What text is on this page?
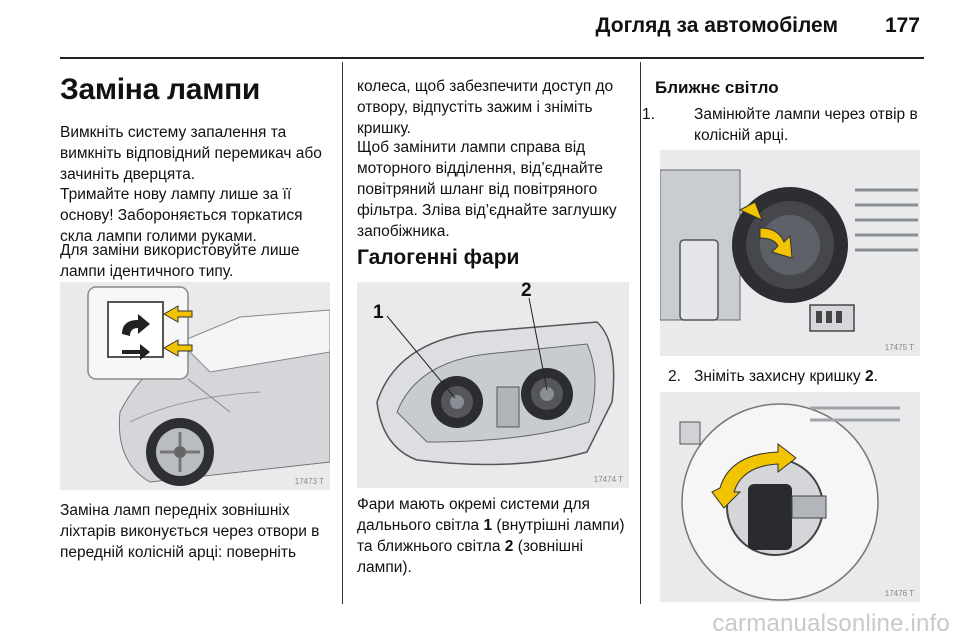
Догляд за автомобілем 177
Заміна лампи

Вимкніть систему запалення та вимкніть відповідний перемикач або зачиніть дверцята.

Тримайте нову лампу лише за її основу! Забороняється торкатися скла лампи голими руками.

Для заміни використовуйте лише лампи ідентичного типу.

17473 T

Заміна ламп передніх зовнішніх ліхтарів виконується через отвори в передній колісній арці: поверніть

колеса, щоб забезпечити доступ до отвору, відпустіть зажим і зніміть кришку.

Щоб замінити лампи справа від моторного відділення, від’єднайте повітряний шланг від повітряного фільтра. Зліва від’єднайте заглушку запобіжника.

Галогенні фари
1
2
17474 T

Фари мають окремі системи для дальнього світла 1 (внутрішні лампи) та ближнього світла 2 (зовнішні лампи).

Ближнє світло

1.	Замінюйте лампи через отвір в колісній арці.

17475 T

2. Зніміть захисну кришку 2.

17476 T
carmanualsonline.info
